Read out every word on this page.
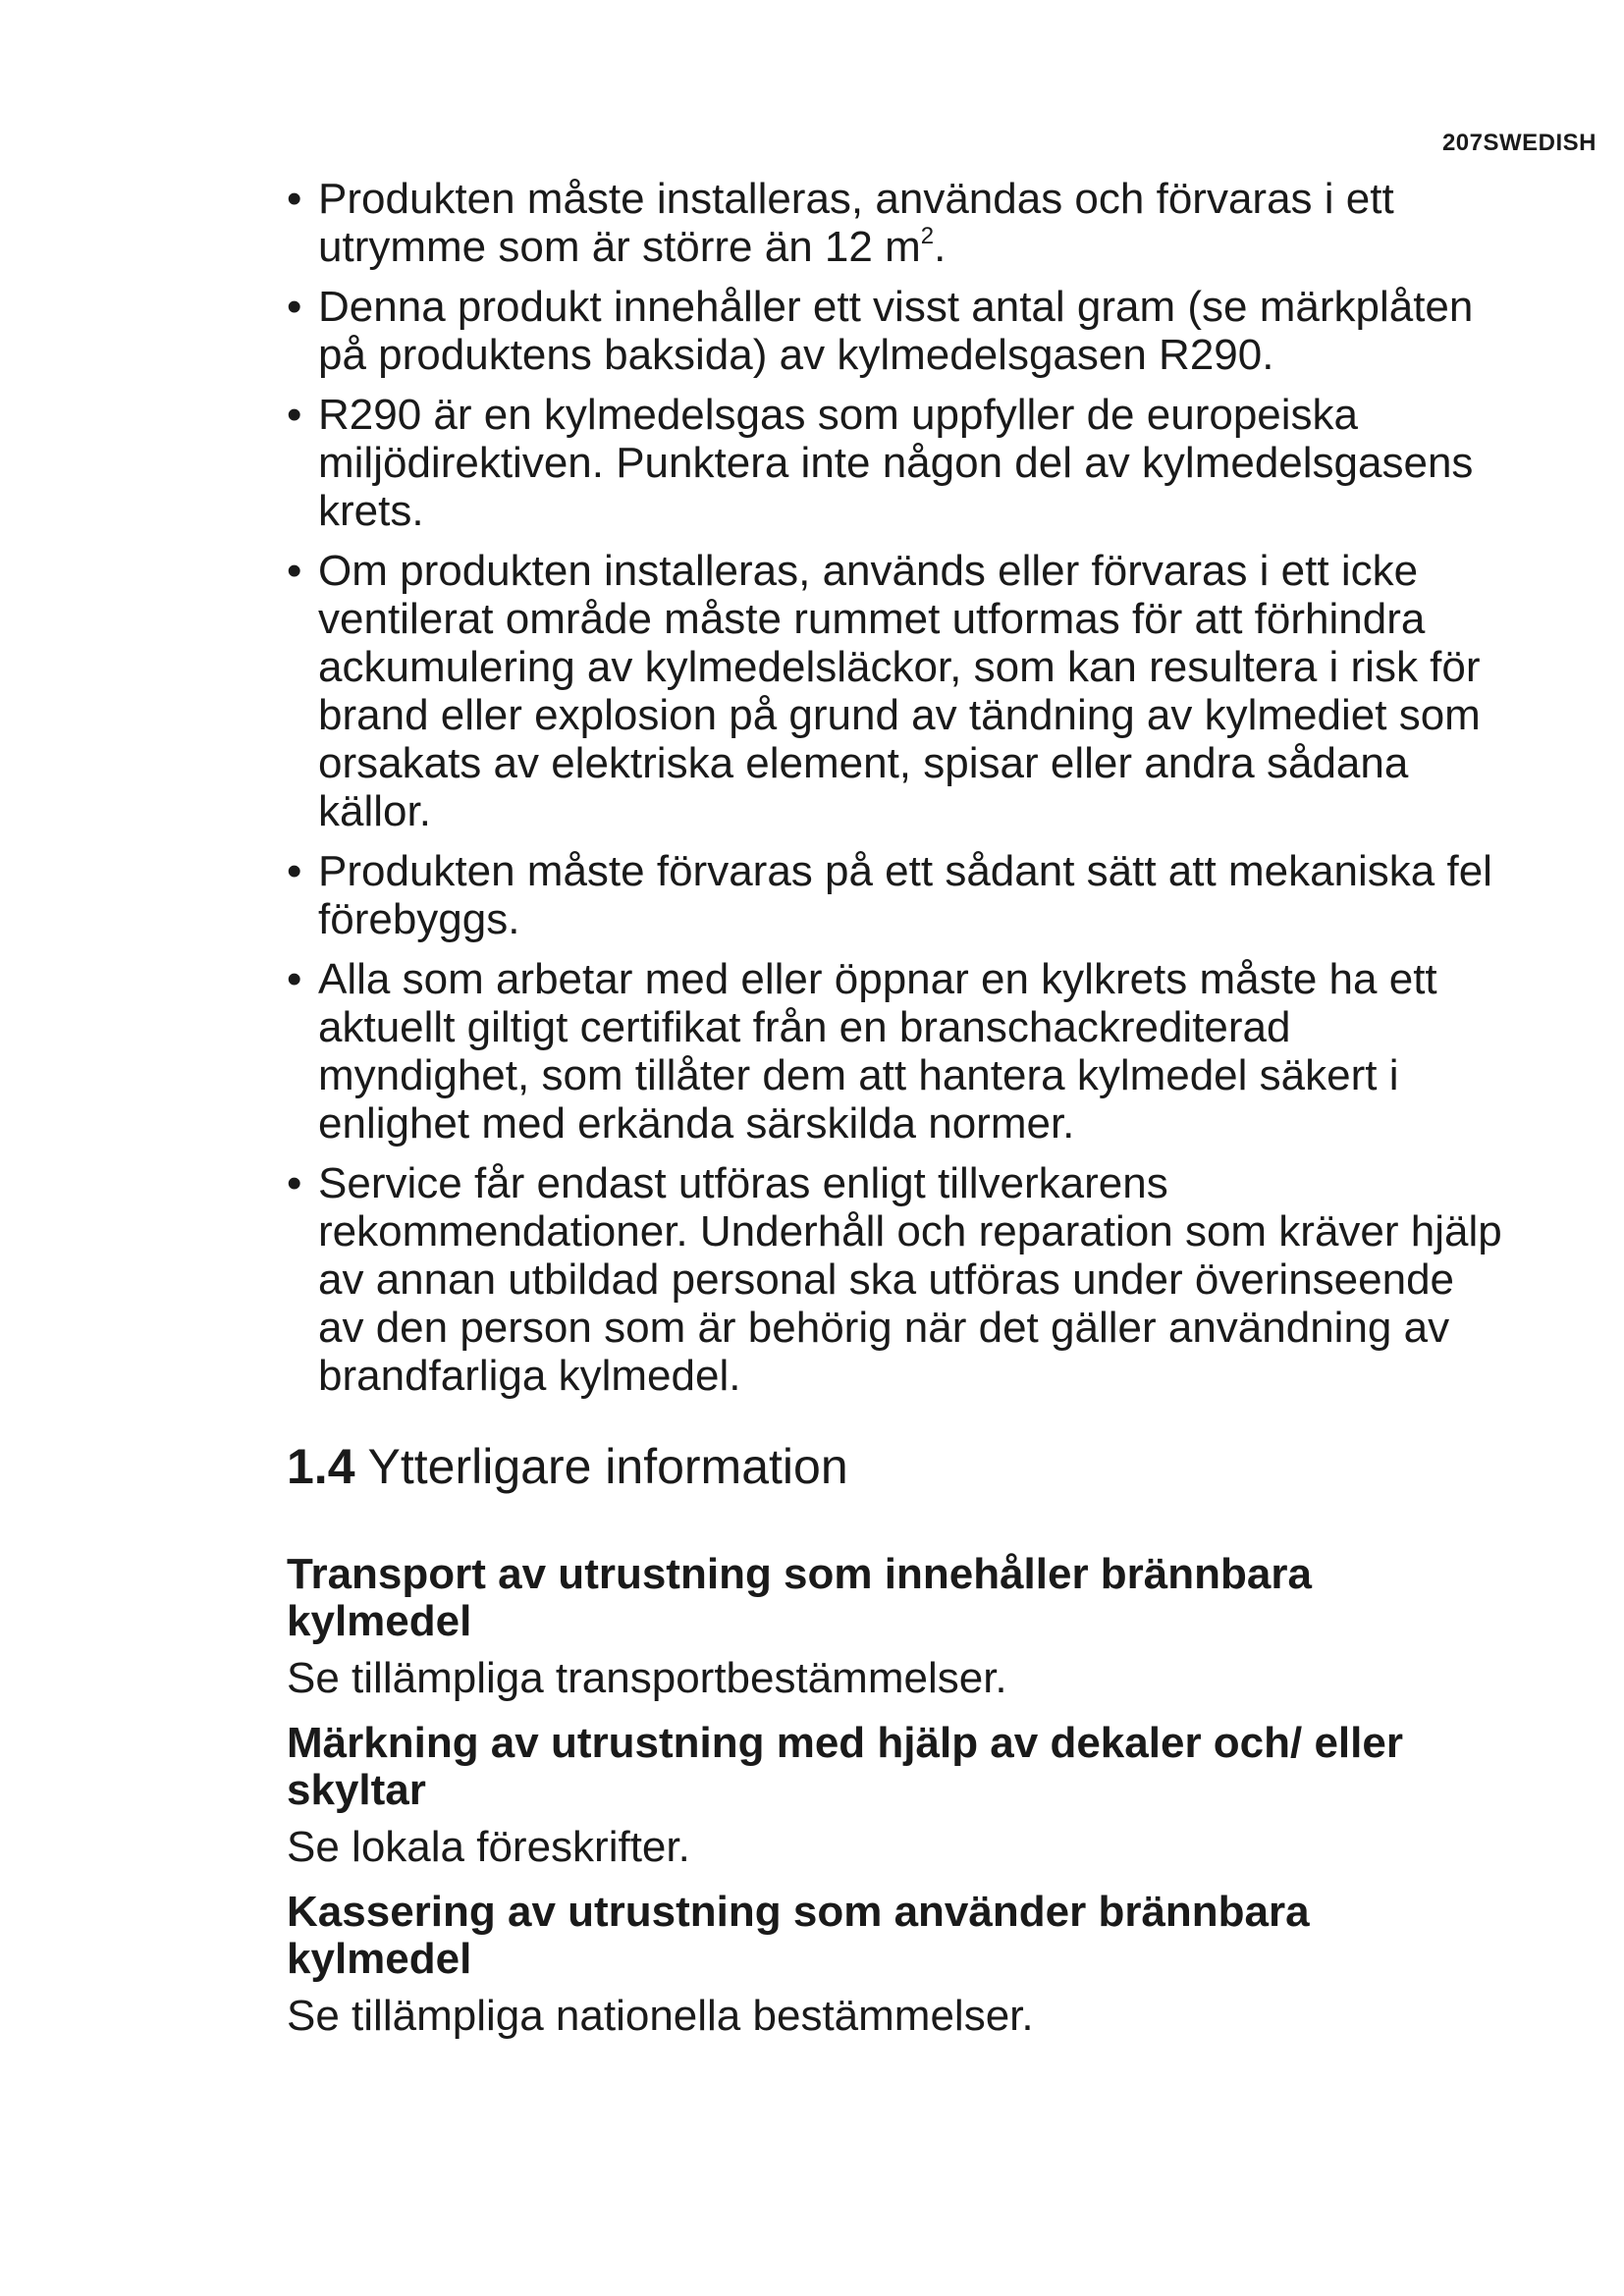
207SWEDISH
• Produkten måste installeras, användas och förvaras i ett utrymme som är större än 12 $m^2$.
• Denna produkt innehåller ett visst antal gram (se märkplåten på produktens baksida) av kylmedelsgasen R290.
• R290 är en kylmedelsgas som uppfyller de europeiska miljödirektiven. Punktera inte någon del av kylmedelsgasens krets.
• Om produkten installeras, används eller förvaras i ett icke ventilerat område måste rummet utformas för att förhindra ackumulering av kylmedelsläckor, som kan resultera i risk för brand eller explosion på grund av tändning av kylmediet som orsakats av elektriska element, spisar eller andra sådana källor.
• Produkten måste förvaras på ett sådant sätt att mekaniska fel förebyggs.
• Alla som arbetar med eller öppnar en kylkrets måste ha ett aktuellt giltigt certifikat från en branschackrediterad myndighet, som tillåter dem att hantera kylmedel säkert i enlighet med erkända särskilda normer.
• Service får endast utföras enligt tillverkarens rekommendationer. Underhåll och reparation som kräver hjälp av annan utbildad personal ska utföras under överinseende av den person som är behörig när det gäller användning av brandfarliga kylmedel.
1.4 Ytterligare information
Transport av utrustning som innehåller brännbara kylmedel

Se tillämpliga transportbestämmelser.

Märkning av utrustning med hjälp av dekaler och/ eller skyltar

Se lokala föreskrifter.

Kassering av utrustning som använder brännbara kylmedel

Se tillämpliga nationella bestämmelser.
